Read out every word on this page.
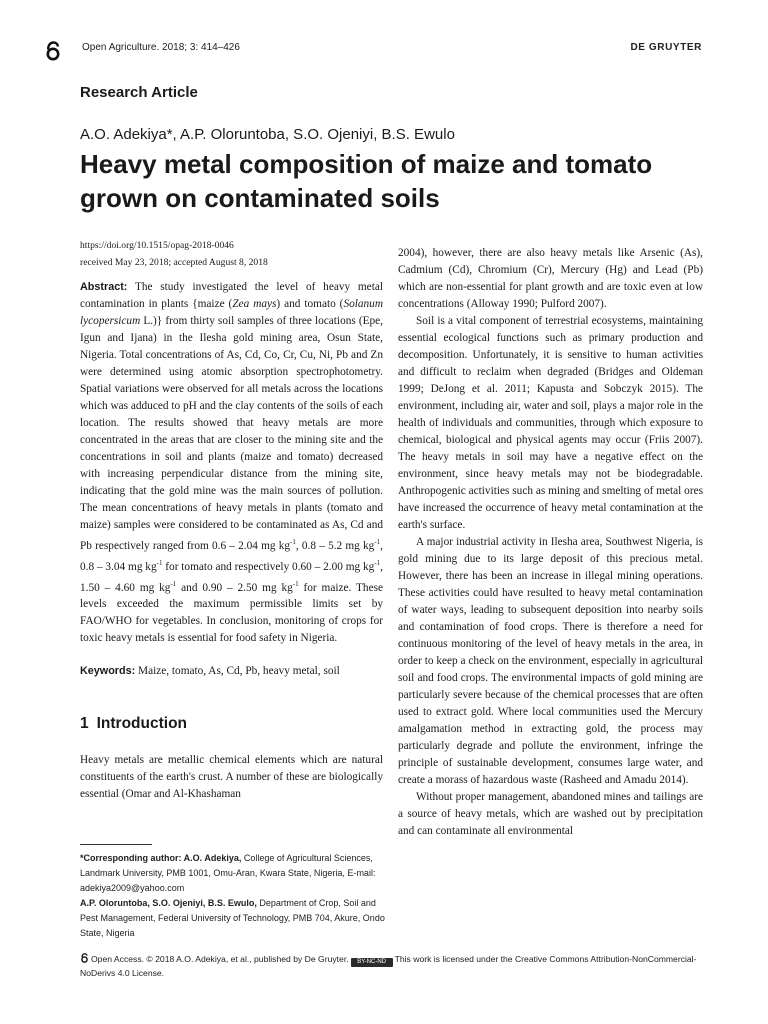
Open Agriculture. 2018; 3: 414–426	DE GRUYTER
Research Article
A.O. Adekiya*, A.P. Oloruntoba, S.O. Ojeniyi, B.S. Ewulo
Heavy metal composition of maize and tomato grown on contaminated soils
https://doi.org/10.1515/opag-2018-0046
received May 23, 2018; accepted August 8, 2018

Abstract: The study investigated the level of heavy metal contamination in plants {maize (Zea mays) and tomato (Solanum lycopersicum L.)} from thirty soil samples of three locations (Epe, Igun and Ijana) in the Ilesha gold mining area, Osun State, Nigeria. Total concentrations of As, Cd, Co, Cr, Cu, Ni, Pb and Zn were determined using atomic absorption spectrophotometry. Spatial variations were observed for all metals across the locations which was adduced to pH and the clay contents of the soils of each location. The results showed that heavy metals are more concentrated in the areas that are closer to the mining site and the concentrations in soil and plants (maize and tomato) decreased with increasing perpendicular distance from the mining site, indicating that the gold mine was the main sources of pollution. The mean concentrations of heavy metals in plants (tomato and maize) samples were considered to be contaminated as As, Cd and Pb respectively ranged from 0.6 – 2.04 mg $kg^{-1}$, 0.8 – 5.2 mg $kg^{-1}$, 0.8 – 3.04 mg $kg^{-1}$ for tomato and respectively 0.60 – 2.00 mg $kg^{-1}$, 1.50 – 4.60 mg $kg^{-1}$ and 0.90 – 2.50 mg $kg^{-1}$ for maize. These levels exceeded the maximum permissible limits set by FAO/WHO for vegetables. In conclusion, monitoring of crops for toxic heavy metals is essential for food safety in Nigeria.

Keywords: Maize, tomato, As, Cd, Pb, heavy metal, soil

1 Introduction

Heavy metals are metallic chemical elements which are natural constituents of the earth's crust. A number of these are biologically essential (Omar and Al-Khashaman

2004), however, there are also heavy metals like Arsenic (As), Cadmium (Cd), Chromium (Cr), Mercury (Hg) and Lead (Pb) which are non-essential for plant growth and are toxic even at low concentrations (Alloway 1990; Pulford 2007).

Soil is a vital component of terrestrial ecosystems, maintaining essential ecological functions such as primary production and decomposition. Unfortunately, it is sensitive to human activities and difficult to reclaim when degraded (Bridges and Oldeman 1999; DeJong et al. 2011; Kapusta and Sobczyk 2015). The environment, including air, water and soil, plays a major role in the health of individuals and communities, through which exposure to chemical, biological and physical agents may occur (Friis 2007). The heavy metals in soil may have a negative effect on the environment, since heavy metals may not be biodegradable. Anthropogenic activities such as mining and smelting of metal ores have increased the occurrence of heavy metal contamination at the earth's surface.

A major industrial activity in Ilesha area, Southwest Nigeria, is gold mining due to its large deposit of this precious metal. However, there has been an increase in illegal mining operations. These activities could have resulted to heavy metal contamination of water ways, leading to subsequent deposition into nearby soils and contamination of food crops. There is therefore a need for continuous monitoring of the level of heavy metals in the area, in order to keep a check on the environment, especially in agricultural soil and food crops. The environmental impacts of gold mining are particularly severe because of the chemical processes that are often used to extract gold. Where local communities used the Mercury amalgamation method in extracting gold, the process may particularly degrade and pollute the environment, infringe the principle of sustainable development, consumes large water, and create a morass of hazardous waste (Rasheed and Amadu 2014).

Without proper management, abandoned mines and tailings are a source of heavy metals, which are washed out by precipitation and can contaminate all environmental

*Corresponding author: A.O. Adekiya, College of Agricultural Sciences, Landmark University, PMB 1001, Omu-Aran, Kwara State, Nigeria, E-mail: adekiya2009@yahoo.com

A.P. Oloruntoba, S.O. Ojeniyi, B.S. Ewulo, Department of Crop, Soil and Pest Management, Federal University of Technology, PMB 704, Akure, Ondo State, Nigeria

Open Access. © 2018 A.O. Adekiya, et al., published by De Gruyter. BY-NC-ND This work is licensed under the Creative Commons Attribution-NonCommercial-NoDerivs 4.0 License.
